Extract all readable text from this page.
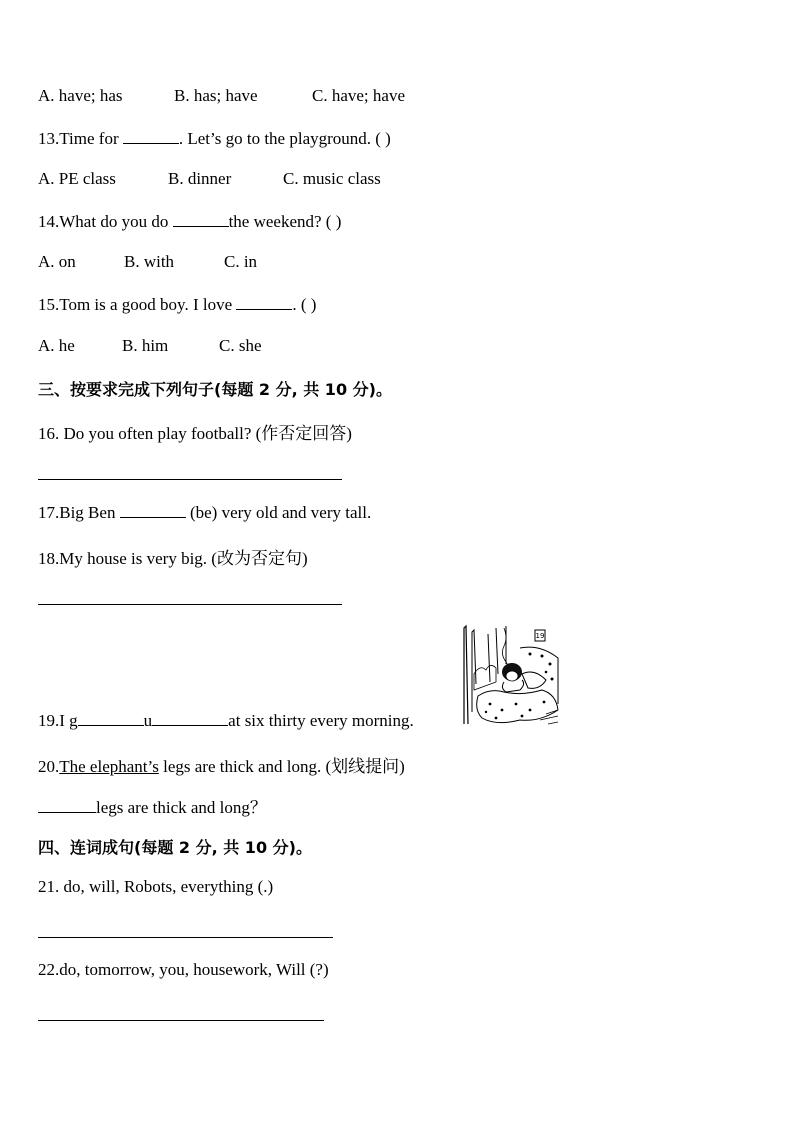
A. have; has	B. has; have	C. have; have
13.Time for	. Let’s go to the playground. ( )
A. PE class	B. dinner	C. music class
14.What do you do	the weekend? ( )
A. on	B. with	C. in
15.Tom is a good boy. I love	. ( )
A. he	B. him	C. she
三、按要求完成下列句子(每题 2 分, 共 10 分)。
16. Do you often play football? (作否定回答)
17.Big Ben	(be) very old and very tall.
18.My house is very big. (改为否定句)
19
19.I g	u	at six thirty every morning.
20.The elephant’s legs are thick and long. (划线提问)
legs are thick and long？
四、连词成句(每题 2 分, 共 10 分)。
21. do, will, Robots, everything (.)
22.do, tomorrow, you, housework, Will (?)
